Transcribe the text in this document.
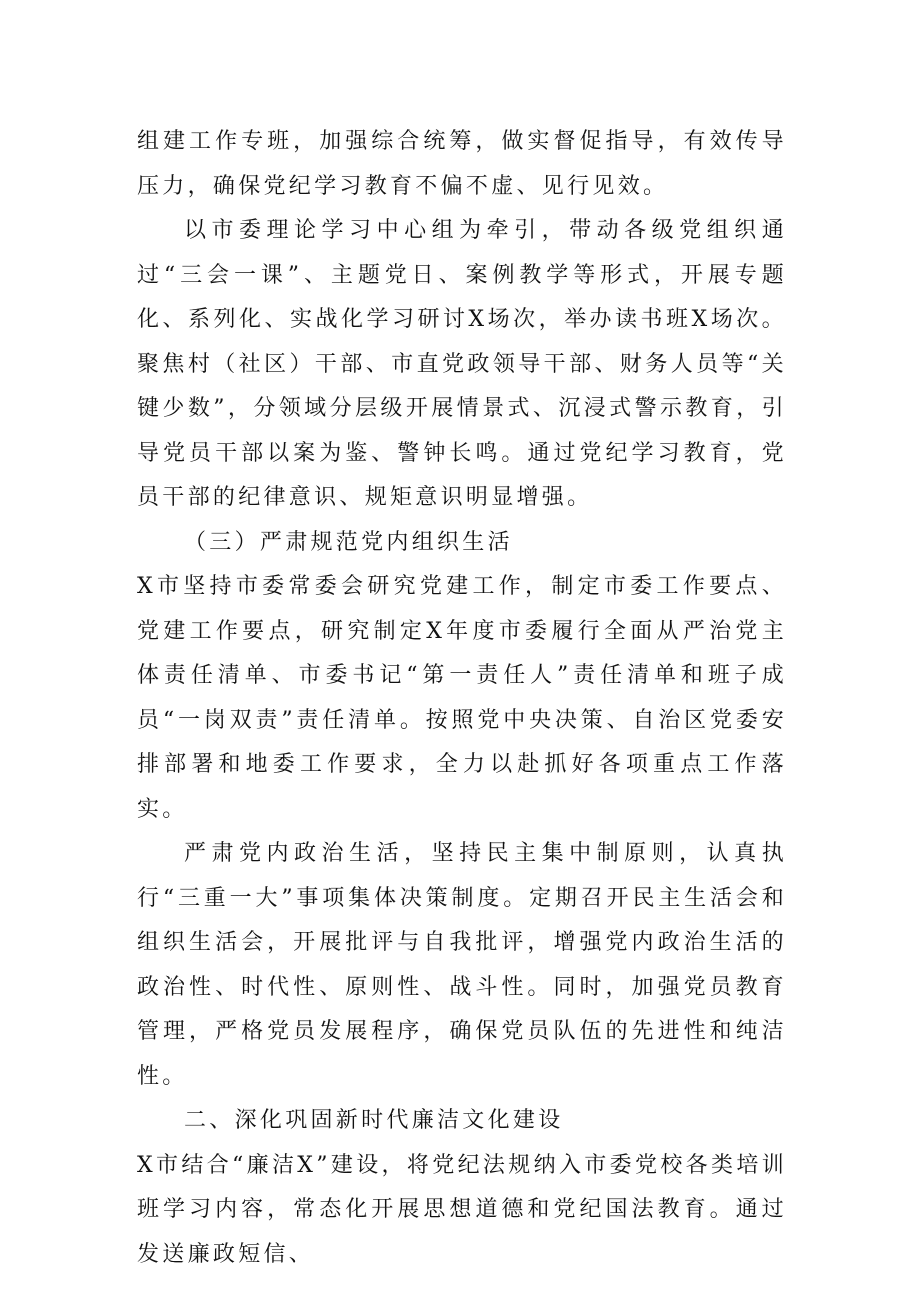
组建工作专班，加强综合统筹，做实督促指导，有效传导压力，确保党纪学习教育不偏不虚、见行见效。

以市委理论学习中心组为牵引，带动各级党组织通过“三会一课”、主题党日、案例教学等形式，开展专题化、系列化、实战化学习研讨X场次，举办读书班X场次。聚焦村（社区）干部、市直党政领导干部、财务人员等“关键少数”，分领域分层级开展情景式、沉浸式警示教育，引导党员干部以案为鉴、警钟长鸣。通过党纪学习教育，党员干部的纪律意识、规矩意识明显增强。

（三）严肃规范党内组织生活

X市坚持市委常委会研究党建工作，制定市委工作要点、党建工作要点，研究制定X年度市委履行全面从严治党主体责任清单、市委书记“第一责任人”责任清单和班子成员“一岗双责”责任清单。按照党中央决策、自治区党委安排部署和地委工作要求，全力以赴抓好各项重点工作落实。

严肃党内政治生活，坚持民主集中制原则，认真执行“三重一大”事项集体决策制度。定期召开民主生活会和组织生活会，开展批评与自我批评，增强党内政治生活的政治性、时代性、原则性、战斗性。同时，加强党员教育管理，严格党员发展程序，确保党员队伍的先进性和纯洁性。

二、深化巩固新时代廉洁文化建设

X市结合“廉洁X”建设，将党纪法规纳入市委党校各类培训班学习内容，常态化开展思想道德和党纪国法教育。通过发送廉政短信、
